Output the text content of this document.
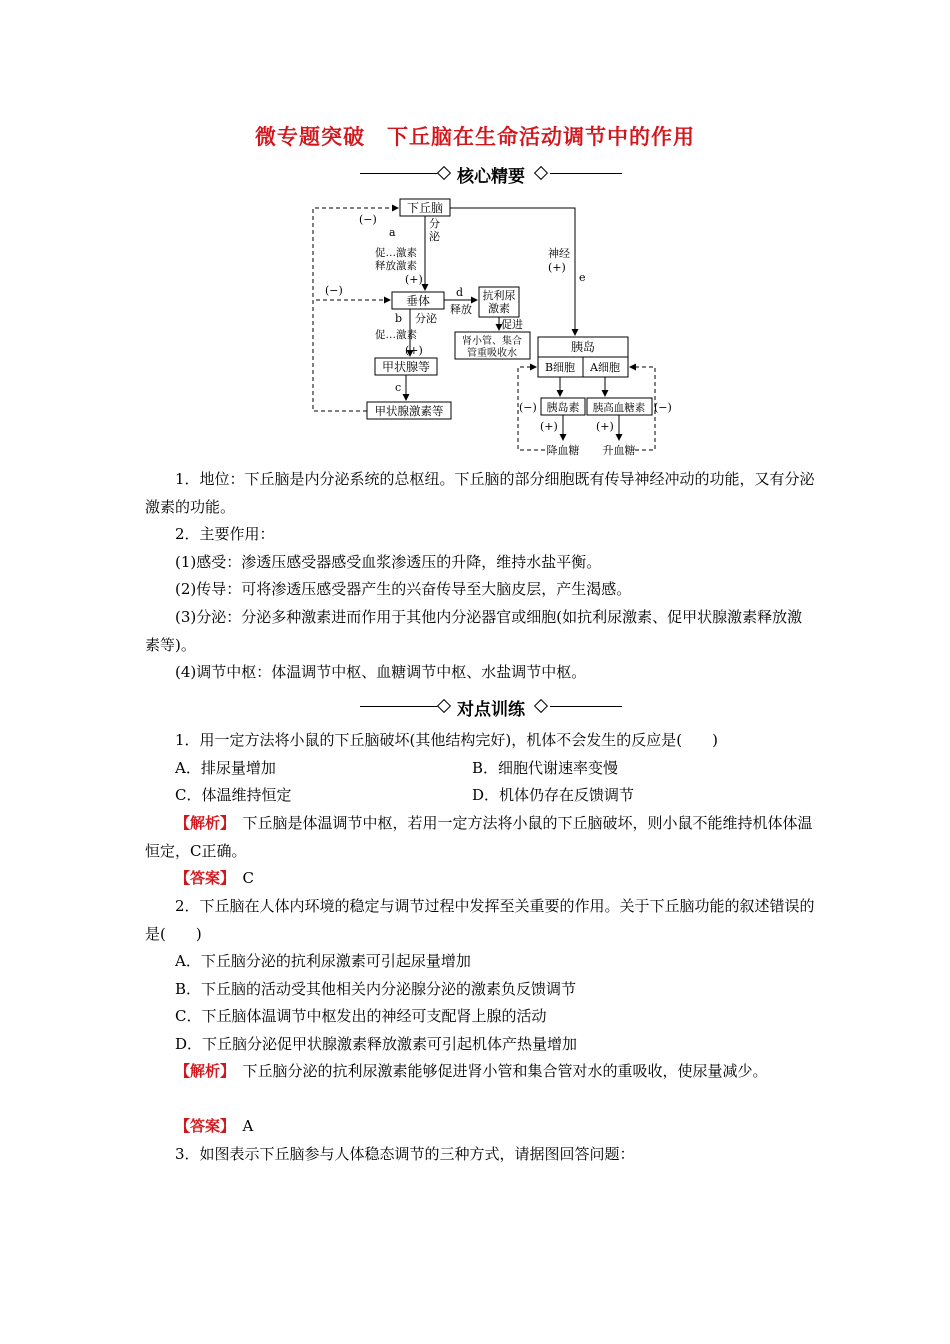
微专题突破　下丘脑在生命活动调节中的作用
核心精要
下丘脑
垂体	抗利尿
激素
肾小管、集合
管重吸收水
甲状腺等
甲状腺激素等
胰岛
B细胞 A细胞
胰岛素 胰高血糖素
(−)
a
分
泌
促…激素
释放激素
(+)
(−)	d
释放
促进
b 分泌
促…激素
(+)
c
神经
(+)
e
(−)	(−)
(+)	(+)
降血糖 升血糖
1．地位：下丘脑是内分泌系统的总枢纽。下丘脑的部分细胞既有传导神经冲动的功能，又有分泌激素的功能。
2．主要作用：
(1)感受：渗透压感受器感受血浆渗透压的升降，维持水盐平衡。
(2)传导：可将渗透压感受器产生的兴奋传导至大脑皮层，产生渴感。
(3)分泌：分泌多种激素进而作用于其他内分泌器官或细胞(如抗利尿激素、促甲状腺激素释放激素等)。
(4)调节中枢：体温调节中枢、血糖调节中枢、水盐调节中枢。
对点训练
1．用一定方法将小鼠的下丘脑破坏(其他结构完好)，机体不会发生的反应是(　　)
A．排尿量增加	B．细胞代谢速率变慢
C．体温维持恒定	D．机体仍存在反馈调节
【解析】　下丘脑是体温调节中枢，若用一定方法将小鼠的下丘脑破坏，则小鼠不能维持机体体温恒定，C正确。
【答案】　C
2．下丘脑在人体内环境的稳定与调节过程中发挥至关重要的作用。关于下丘脑功能的叙述错误的是(　　)
A．下丘脑分泌的抗利尿激素可引起尿量增加
B．下丘脑的活动受其他相关内分泌腺分泌的激素负反馈调节
C．下丘脑体温调节中枢发出的神经可支配肾上腺的活动
D．下丘脑分泌促甲状腺激素释放激素可引起机体产热量增加
【解析】　下丘脑分泌的抗利尿激素能够促进肾小管和集合管对水的重吸收，使尿量减少。
【答案】　A
3．如图表示下丘脑参与人体稳态调节的三种方式，请据图回答问题：
